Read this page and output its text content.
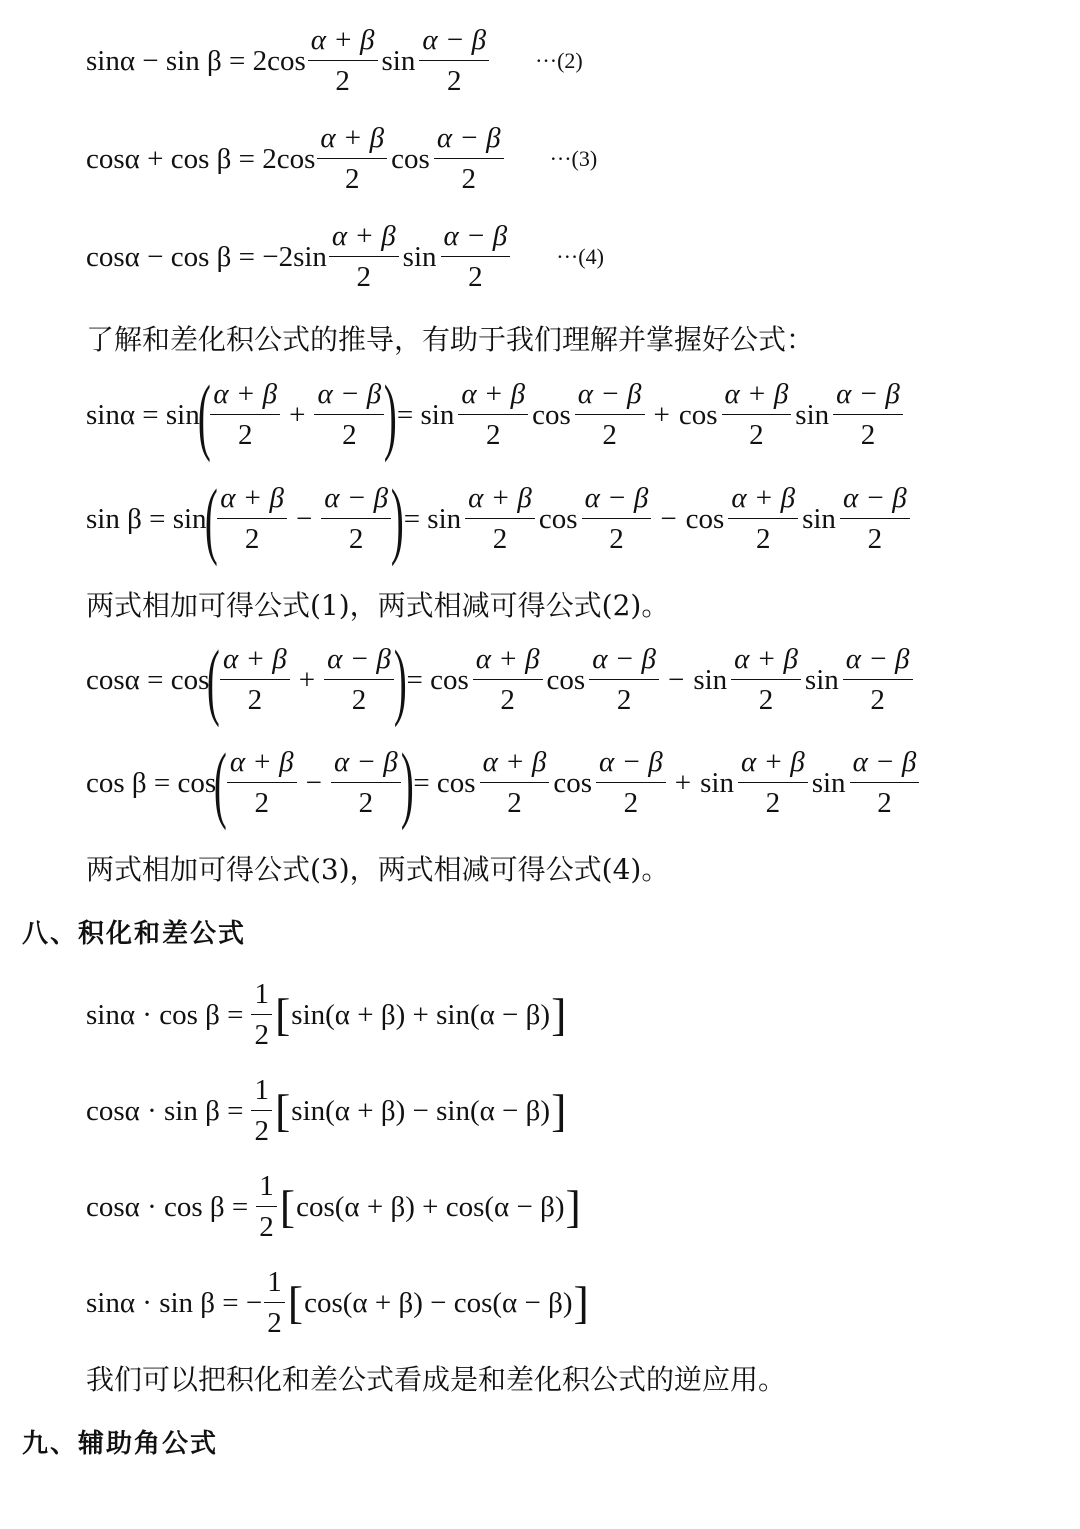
sinα − sin β = 2cos
α + β
2
sin
α − β
2
···(2)
cosα + cos β = 2cos
α + β
2
cos
α − β
2
···(3)
cosα − cos β = −2sin
α + β
2
sin
α − β
2
···(4)
了解和差化积公式的推导，有助于我们理解并掌握好公式：
sinα = sin
( α + β
2
+ $\frac{\alpha - \beta}{2}$ ) = sin
α + β
2
cos
α − β
2
+ cos
α + β
2
sin
α − β
2
sin β = sin
( α + β
2
− $\frac{\alpha - \beta}{2}$ ) = sin
α + β
2
cos
α − β
2
− cos
α + β
2
sin
α − β
2
两式相加可得公式(1)，两式相减可得公式(2)。
cosα = cos
( α + β
2
+ $\frac{\alpha - \beta}{2}$ ) = cos
α + β
2
cos
α − β
2
− sin
α + β
2
sin
α − β
2
cos β = cos
( α + β
2
− $\frac{\alpha - \beta}{2}$ ) = cos
α + β
2
cos
α − β
2
+ sin
α + β
2
sin
α − β
2
两式相加可得公式(3)，两式相减可得公式(4)。
八、积化和差公式
$\sin\alpha \cdot \cos \beta = \frac{1}{2}$ [ sin(α + β) + sin(α − β) ]
$\cos\alpha \cdot \sin \beta = \frac{1}{2}$ [ sin(α + β) − sin(α − β) ]
$\cos\alpha \cdot \cos \beta = \frac{1}{2}$ [ cos(α + β) + cos(α − β) ]
sinα · sin β = − $\frac{1}{2}$ [ cos(α + β) − cos(α − β) ]
我们可以把积化和差公式看成是和差化积公式的逆应用。
九、辅助角公式
